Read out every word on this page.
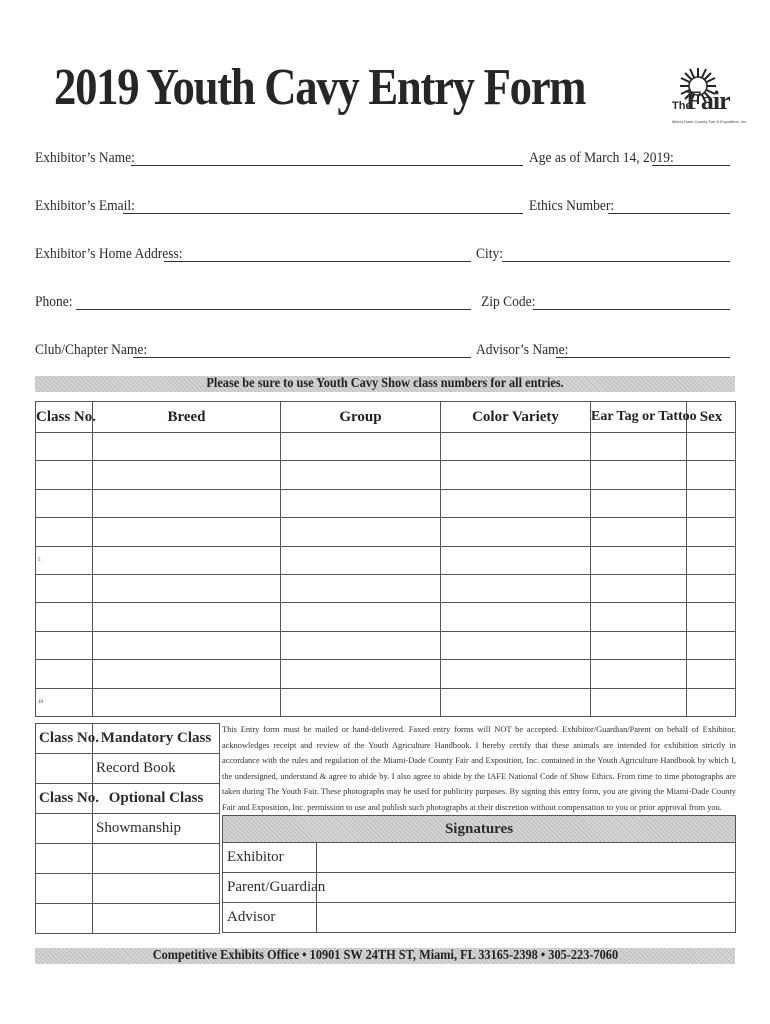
2019 Youth Cavy Entry Form	The
Fair
Miami-Dade County Fair & Exposition, Inc.
Exhibitor’s Name:	Age as of March 14, 2019:
Exhibitor’s Email:	Ethics Number:
Exhibitor’s Home Address:	City:
Phone:	Zip Code:
Club/Chapter Name:	Advisor’s Name:
Please be sure to use Youth Cavy Show class numbers for all entries.
Class No.	Breed	Group	Color Variety	Ear Tag or Tattoo	Sex

5					

10					
Class No.	Mandatory Class
	Record Book
Class No.	Optional Class
	Showmanship

This Entry form must be mailed or hand-delivered. Faxed entry forms will NOT be accepted. Exhibitor/Guardian/Parent on behalf of Exhibitor, acknowledges receipt and review of the Youth Agriculture Handbook. I hereby certify that these animals are intended for exhibition strictly in accordance with the rules and regulation of the Miami-Dade County Fair and Exposition, Inc. contained in the Youth Agriculture Handbook by which I, the undersigned, understand & agree to abide by. I also agree to abide by the IAFE National Code of Show Ethics. From time to time photographs are taken during The Youth Fair. These photographs may be used for publicity purposes. By signing this entry form, you are giving the Miami-Dade County Fair and Exposition, Inc. permission to use and publish such photographs at their discretion without compensation to you or prior approval from you.
Signatures	
Exhibitor	
Parent/Guardian	
Advisor	
Competitive Exhibits Office • 10901 SW 24TH ST, Miami, FL 33165-2398 • 305-223-7060
